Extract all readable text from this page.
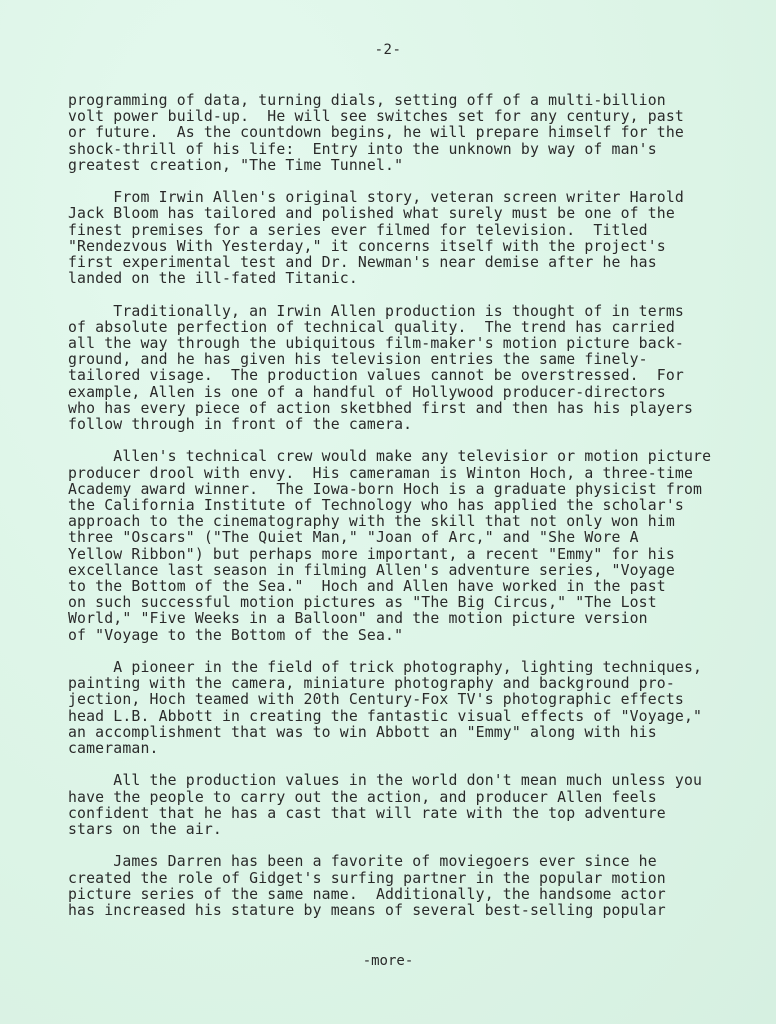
-2-
programming of data, turning dials, setting off of a multi-billion
volt power build-up.  He will see switches set for any century, past
or future.  As the countdown begins, he will prepare himself for the
shock-thrill of his life:  Entry into the unknown by way of man's
greatest creation, "The Time Tunnel."
From Irwin Allen's original story, veteran screen writer Harold
Jack Bloom has tailored and polished what surely must be one of the
finest premises for a series ever filmed for television.  Titled
"Rendezvous With Yesterday," it concerns itself with the project's
first experimental test and Dr. Newman's near demise after he has
landed on the ill-fated Titanic.
Traditionally, an Irwin Allen production is thought of in terms
of absolute perfection of technical quality.  The trend has carried
all the way through the ubiquitous film-maker's motion picture back-
ground, and he has given his television entries the same finely-
tailored visage.  The production values cannot be overstressed.  For
example, Allen is one of a handful of Hollywood producer-directors
who has every piece of action sketbhed first and then has his players
follow through in front of the camera.
Allen's technical crew would make any televisior or motion picture
producer drool with envy.  His cameraman is Winton Hoch, a three-time
Academy award winner.  The Iowa-born Hoch is a graduate physicist from
the California Institute of Technology who has applied the scholar's
approach to the cinematography with the skill that not only won him
three "Oscars" ("The Quiet Man," "Joan of Arc," and "She Wore A
Yellow Ribbon") but perhaps more important, a recent "Emmy" for his
excellance last season in filming Allen's adventure series, "Voyage
to the Bottom of the Sea."  Hoch and Allen have worked in the past
on such successful motion pictures as "The Big Circus," "The Lost
World," "Five Weeks in a Balloon" and the motion picture version
of "Voyage to the Bottom of the Sea."
A pioneer in the field of trick photography, lighting techniques,
painting with the camera, miniature photography and background pro-
jection, Hoch teamed with 20th Century-Fox TV's photographic effects
head L.B. Abbott in creating the fantastic visual effects of "Voyage,"
an accomplishment that was to win Abbott an "Emmy" along with his
cameraman.
All the production values in the world don't mean much unless you
have the people to carry out the action, and producer Allen feels
confident that he has a cast that will rate with the top adventure
stars on the air.
James Darren has been a favorite of moviegoers ever since he
created the role of Gidget's surfing partner in the popular motion
picture series of the same name.  Additionally, the handsome actor
has increased his stature by means of several best-selling popular
-more-
